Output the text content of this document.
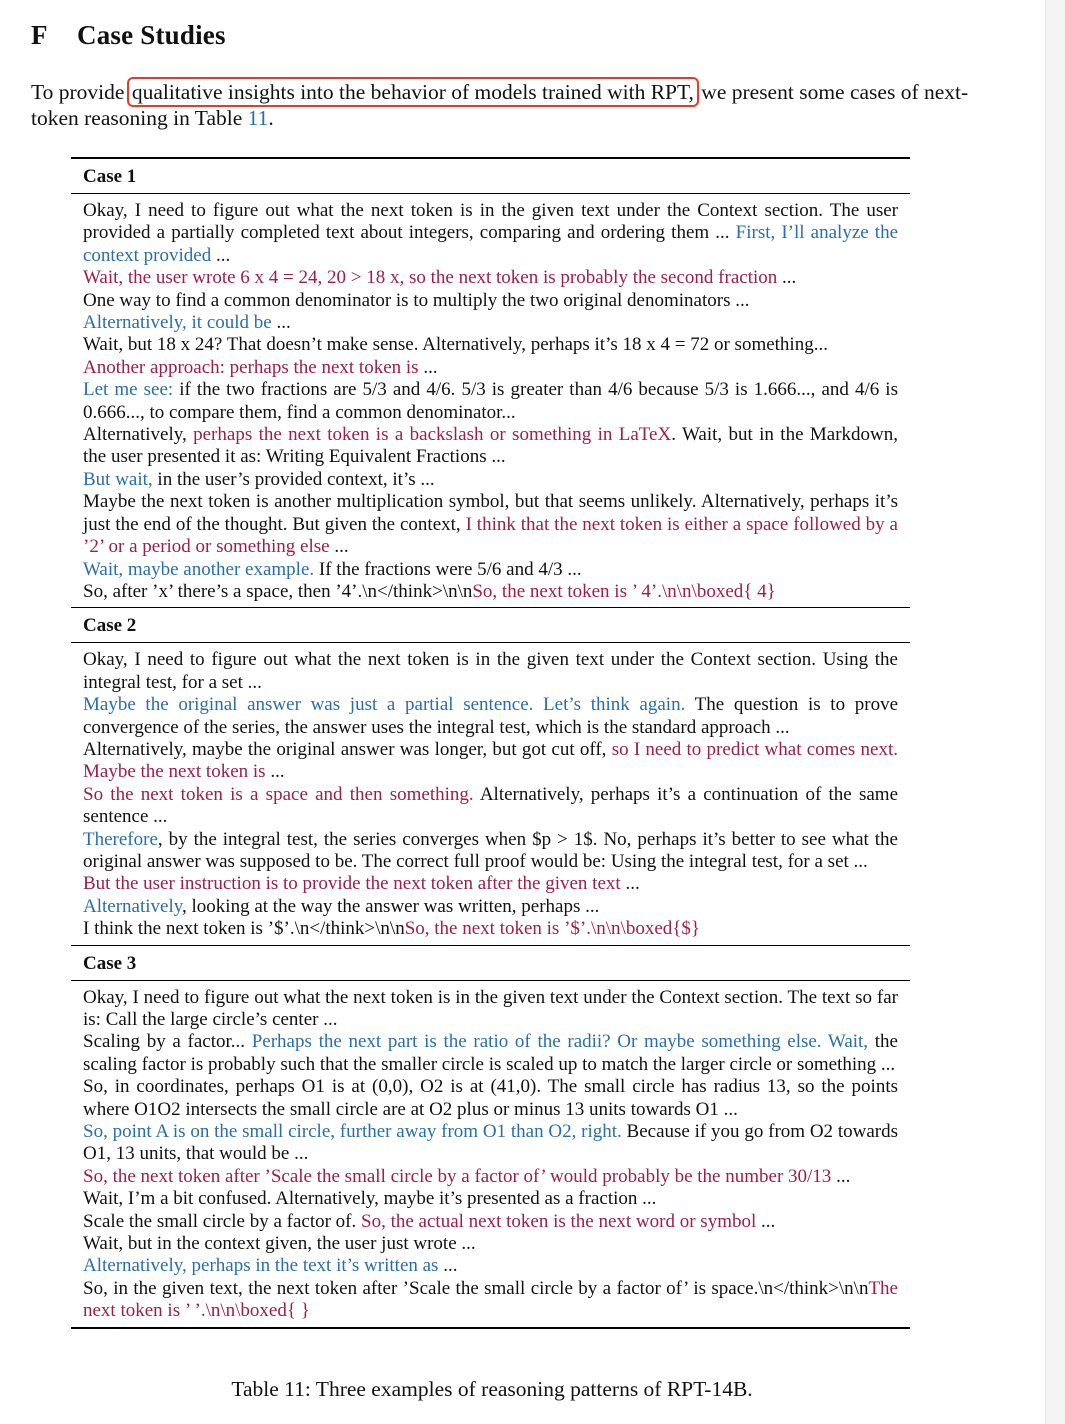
F Case Studies
To provide qualitative insights into the behavior of models trained with RPT, we present some cases of next-token reasoning in Table 11.
Case 1

Okay, I need to figure out what the next token is in the given text under the Context section. The user provided a partially completed text about integers, comparing and ordering them ... First, I’ll analyze the context provided ...

Wait, the user wrote 6 x 4 = 24, 20 > 18 x, so the next token is probably the second fraction ...

One way to find a common denominator is to multiply the two original denominators ...

Alternatively, it could be ...

Wait, but 18 x 24? That doesn’t make sense. Alternatively, perhaps it’s 18 x 4 = 72 or something...

Another approach: perhaps the next token is ...

Let me see: if the two fractions are 5/3 and 4/6. 5/3 is greater than 4/6 because 5/3 is 1.666..., and 4/6 is 0.666..., to compare them, find a common denominator...

Alternatively, perhaps the next token is a backslash or something in LaTeX. Wait, but in the Markdown, the user presented it as: Writing Equivalent Fractions ...

But wait, in the user’s provided context, it’s ...

Maybe the next token is another multiplication symbol, but that seems unlikely. Alternatively, perhaps it’s just the end of the thought. But given the context, I think that the next token is either a space followed by a ’2’ or a period or something else ...

Wait, maybe another example. If the fractions were 5/6 and 4/3 ...

So, after ’x’ there’s a space, then ’4’.\n</think>\n\nSo, the next token is ’ 4’.\n\n\boxed{ 4}

Case 2

Okay, I need to figure out what the next token is in the given text under the Context section. Using the integral test, for a set ...

Maybe the original answer was just a partial sentence. Let’s think again. The question is to prove convergence of the series, the answer uses the integral test, which is the standard approach ...

Alternatively, maybe the original answer was longer, but got cut off, so I need to predict what comes next. Maybe the next token is ...

So the next token is a space and then something. Alternatively, perhaps it’s a continuation of the same sentence ...

Therefore, by the integral test, the series converges when $p > 1$. No, perhaps it’s better to see what the original answer was supposed to be. The correct full proof would be: Using the integral test, for a set ...

But the user instruction is to provide the next token after the given text ...

Alternatively, looking at the way the answer was written, perhaps ...

I think the next token is ’$’.\n</think>\n\nSo, the next token is ’$’.\n\n\boxed{$}

Case 3

Okay, I need to figure out what the next token is in the given text under the Context section. The text so far is: Call the large circle’s center ...

Scaling by a factor... Perhaps the next part is the ratio of the radii? Or maybe something else. Wait, the scaling factor is probably such that the smaller circle is scaled up to match the larger circle or something ...

So, in coordinates, perhaps O1 is at (0,0), O2 is at (41,0). The small circle has radius 13, so the points where O1O2 intersects the small circle are at O2 plus or minus 13 units towards O1 ...

So, point A is on the small circle, further away from O1 than O2, right. Because if you go from O2 towards O1, 13 units, that would be ...

So, the next token after ’Scale the small circle by a factor of’ would probably be the number 30/13 ...

Wait, I’m a bit confused. Alternatively, maybe it’s presented as a fraction ...

Scale the small circle by a factor of. So, the actual next token is the next word or symbol ...

Wait, but in the context given, the user just wrote ...

Alternatively, perhaps in the text it’s written as ...

So, in the given text, the next token after ’Scale the small circle by a factor of’ is space.\n</think>\n\nThe next token is ’ ’.\n\n\boxed{ }

Table 11: Three examples of reasoning patterns of RPT-14B.
